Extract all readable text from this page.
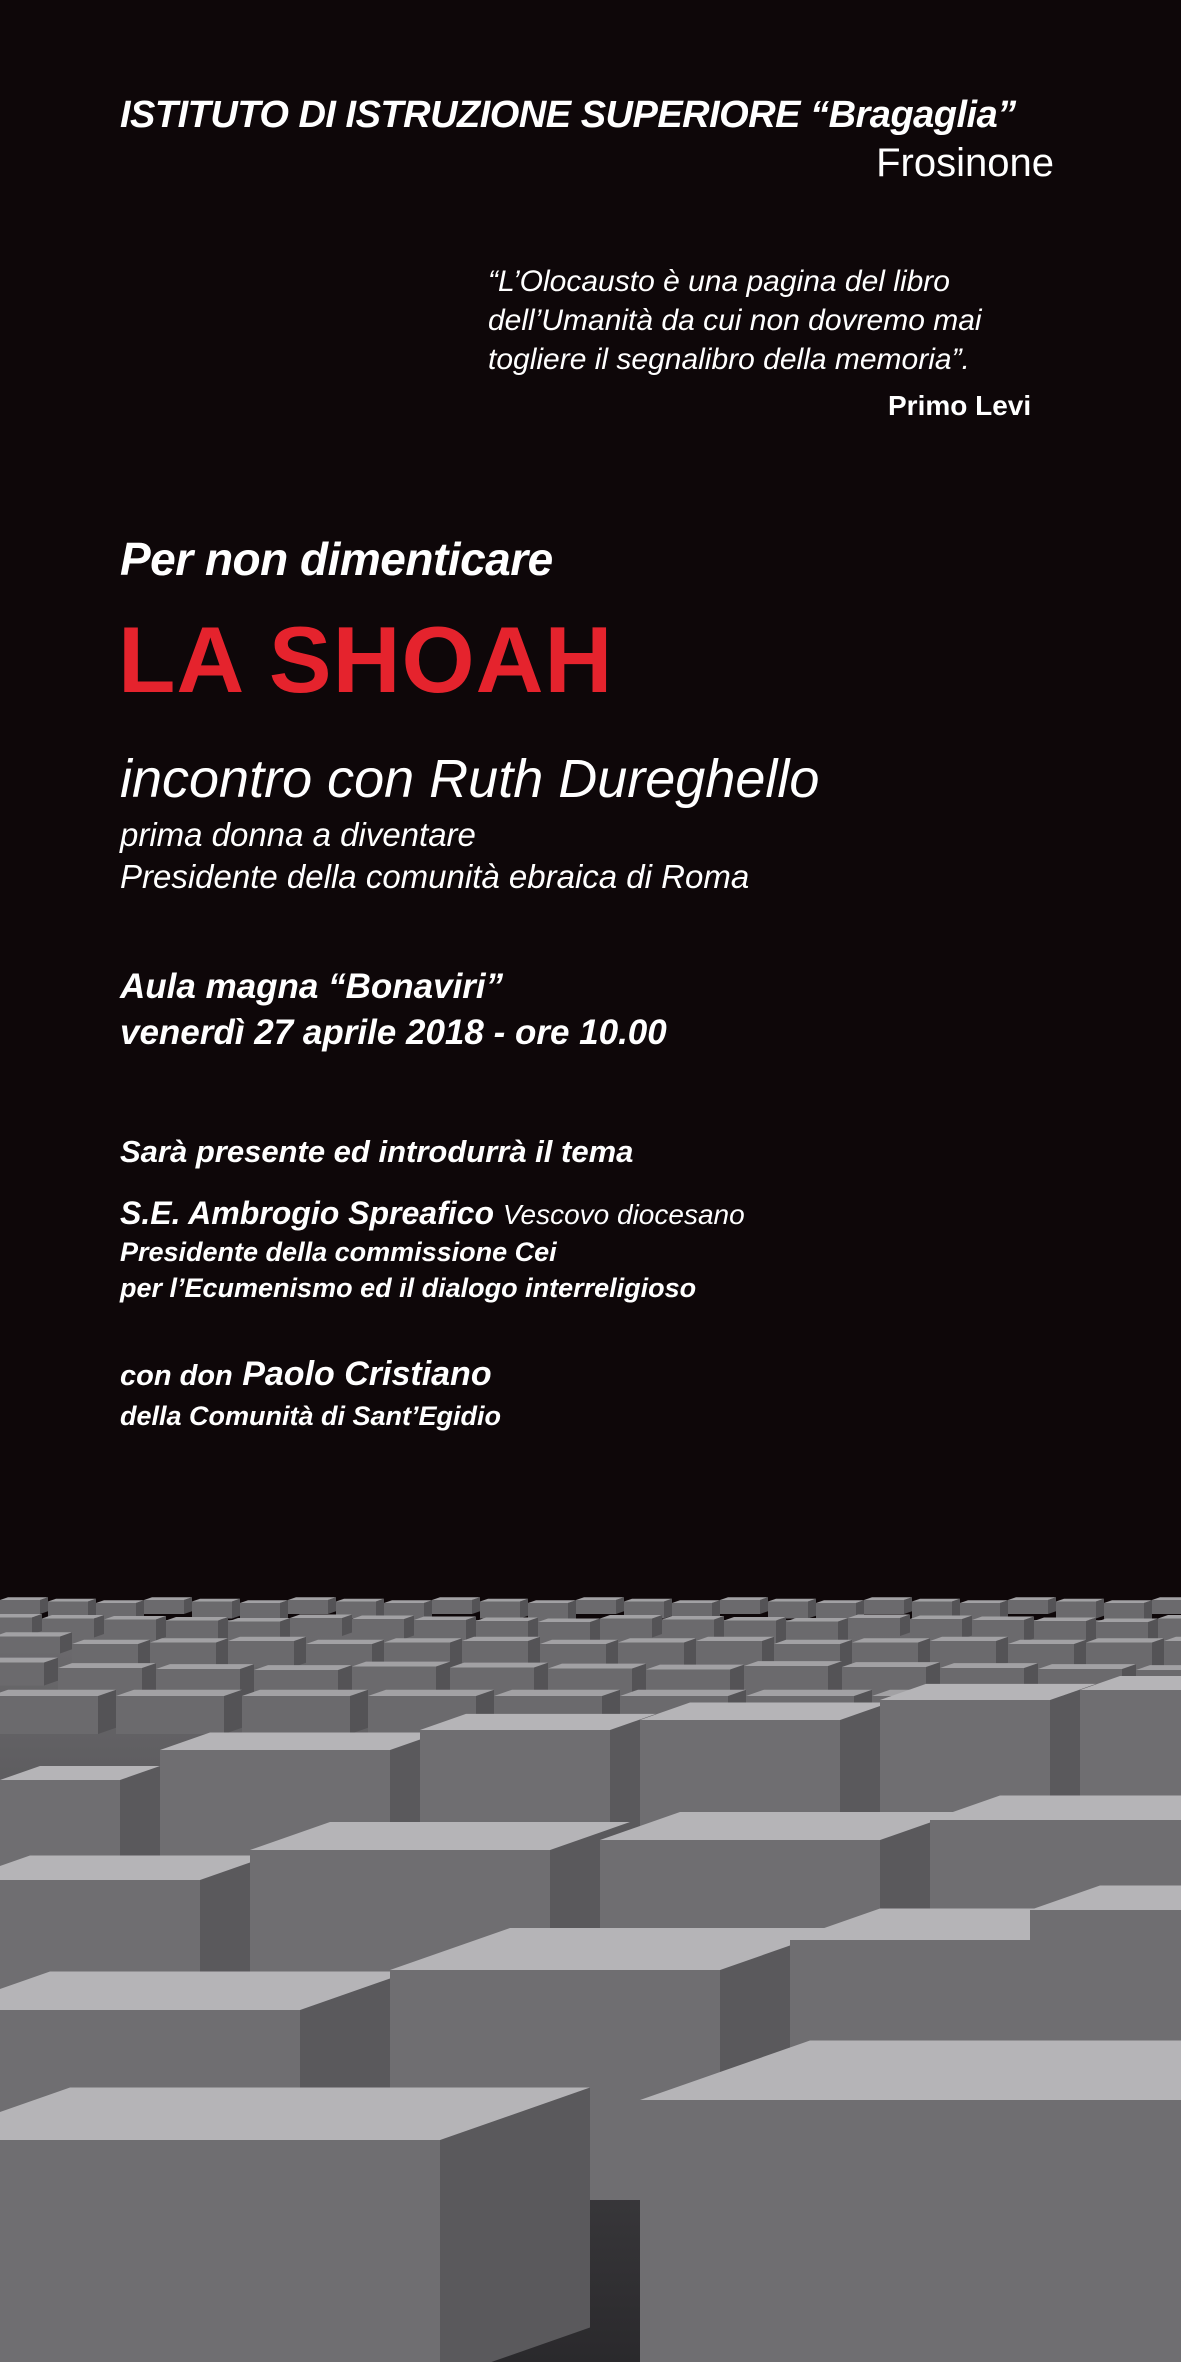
ISTITUTO DI ISTRUZIONE SUPERIORE “Bragaglia”
Frosinone
“L’Olocausto è una pagina del libro
dell’Umanità da cui non dovremo mai
togliere il segnalibro della memoria”.
Primo Levi
Per non dimenticare
LA SHOAH
incontro con Ruth Dureghello
prima donna a diventare
Presidente della comunità ebraica di Roma
Aula magna “Bonaviri”
venerdì 27 aprile 2018 - ore 10.00
Sarà presente ed introdurrà il tema
S.E. Ambrogio Spreafico Vescovo diocesano
Presidente della commissione Cei
per l’Ecumenismo ed il dialogo interreligioso
con don Paolo Cristiano
della Comunità di Sant’Egidio
